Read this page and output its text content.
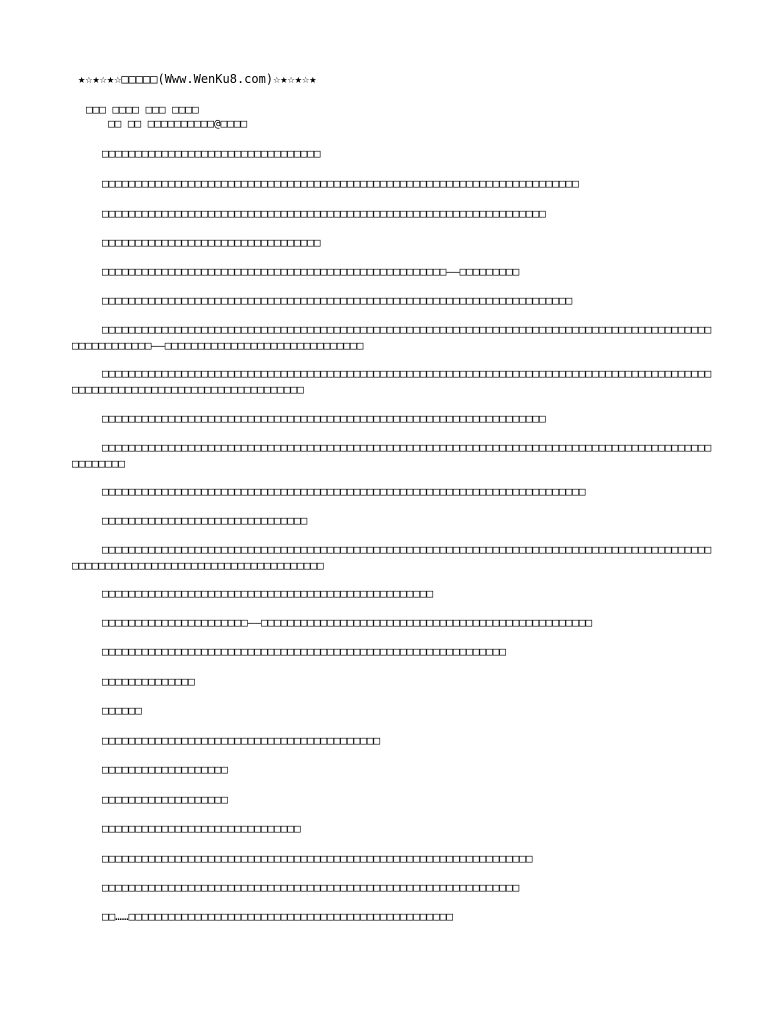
★☆★☆★☆□□□□□(Www.WenKu8.com)☆★☆★☆★

□□□ □□□□ □□□ □□□□

□□ □□ □□□□□□□□□□@□□□□

□□□□□□□□□□□□□□□□□□□□□□□□□□□□□□□□□

□□□□□□□□□□□□□□□□□□□□□□□□□□□□□□□□□□□□□□□□□□□□□□□□□□□□□□□□□□□□□□□□□□□□□□□□

□□□□□□□□□□□□□□□□□□□□□□□□□□□□□□□□□□□□□□□□□□□□□□□□□□□□□□□□□□□□□□□□□□□

□□□□□□□□□□□□□□□□□□□□□□□□□□□□□□□□□

□□□□□□□□□□□□□□□□□□□□□□□□□□□□□□□□□□□□□□□□□□□□□□□□□□□□——□□□□□□□□□

□□□□□□□□□□□□□□□□□□□□□□□□□□□□□□□□□□□□□□□□□□□□□□□□□□□□□□□□□□□□□□□□□□□□□□□

□□□□□□□□□□□□□□□□□□□□□□□□□□□□□□□□□□□□□□□□□□□□□□□□□□□□□□□□□□□□□□□□□□□□□□□□□□□□□□□□□□□□□□□□□□□□□□□□□□□□□□□□——□□□□□□□□□□□□□□□□□□□□□□□□□□□□□□

□□□□□□□□□□□□□□□□□□□□□□□□□□□□□□□□□□□□□□□□□□□□□□□□□□□□□□□□□□□□□□□□□□□□□□□□□□□□□□□□□□□□□□□□□□□□□□□□□□□□□□□□□□□□□□□□□□□□□□□□□□□□□□□

□□□□□□□□□□□□□□□□□□□□□□□□□□□□□□□□□□□□□□□□□□□□□□□□□□□□□□□□□□□□□□□□□□□

□□□□□□□□□□□□□□□□□□□□□□□□□□□□□□□□□□□□□□□□□□□□□□□□□□□□□□□□□□□□□□□□□□□□□□□□□□□□□□□□□□□□□□□□□□□□□□□□□□□□

□□□□□□□□□□□□□□□□□□□□□□□□□□□□□□□□□□□□□□□□□□□□□□□□□□□□□□□□□□□□□□□□□□□□□□□□□

□□□□□□□□□□□□□□□□□□□□□□□□□□□□□□□

□□□□□□□□□□□□□□□□□□□□□□□□□□□□□□□□□□□□□□□□□□□□□□□□□□□□□□□□□□□□□□□□□□□□□□□□□□□□□□□□□□□□□□□□□□□□□□□□□□□□□□□□□□□□□□□□□□□□□□□□□□□□□□□□□□

□□□□□□□□□□□□□□□□□□□□□□□□□□□□□□□□□□□□□□□□□□□□□□□□□□

□□□□□□□□□□□□□□□□□□□□□□——□□□□□□□□□□□□□□□□□□□□□□□□□□□□□□□□□□□□□□□□□□□□□□□□□□

□□□□□□□□□□□□□□□□□□□□□□□□□□□□□□□□□□□□□□□□□□□□□□□□□□□□□□□□□□□□□

□□□□□□□□□□□□□□

□□□□□□

□□□□□□□□□□□□□□□□□□□□□□□□□□□□□□□□□□□□□□□□□□

□□□□□□□□□□□□□□□□□□□

□□□□□□□□□□□□□□□□□□□

□□□□□□□□□□□□□□□□□□□□□□□□□□□□□□

□□□□□□□□□□□□□□□□□□□□□□□□□□□□□□□□□□□□□□□□□□□□□□□□□□□□□□□□□□□□□□□□□

□□□□□□□□□□□□□□□□□□□□□□□□□□□□□□□□□□□□□□□□□□□□□□□□□□□□□□□□□□□□□□□

□□……□□□□□□□□□□□□□□□□□□□□□□□□□□□□□□□□□□□□□□□□□□□□□□□□□
